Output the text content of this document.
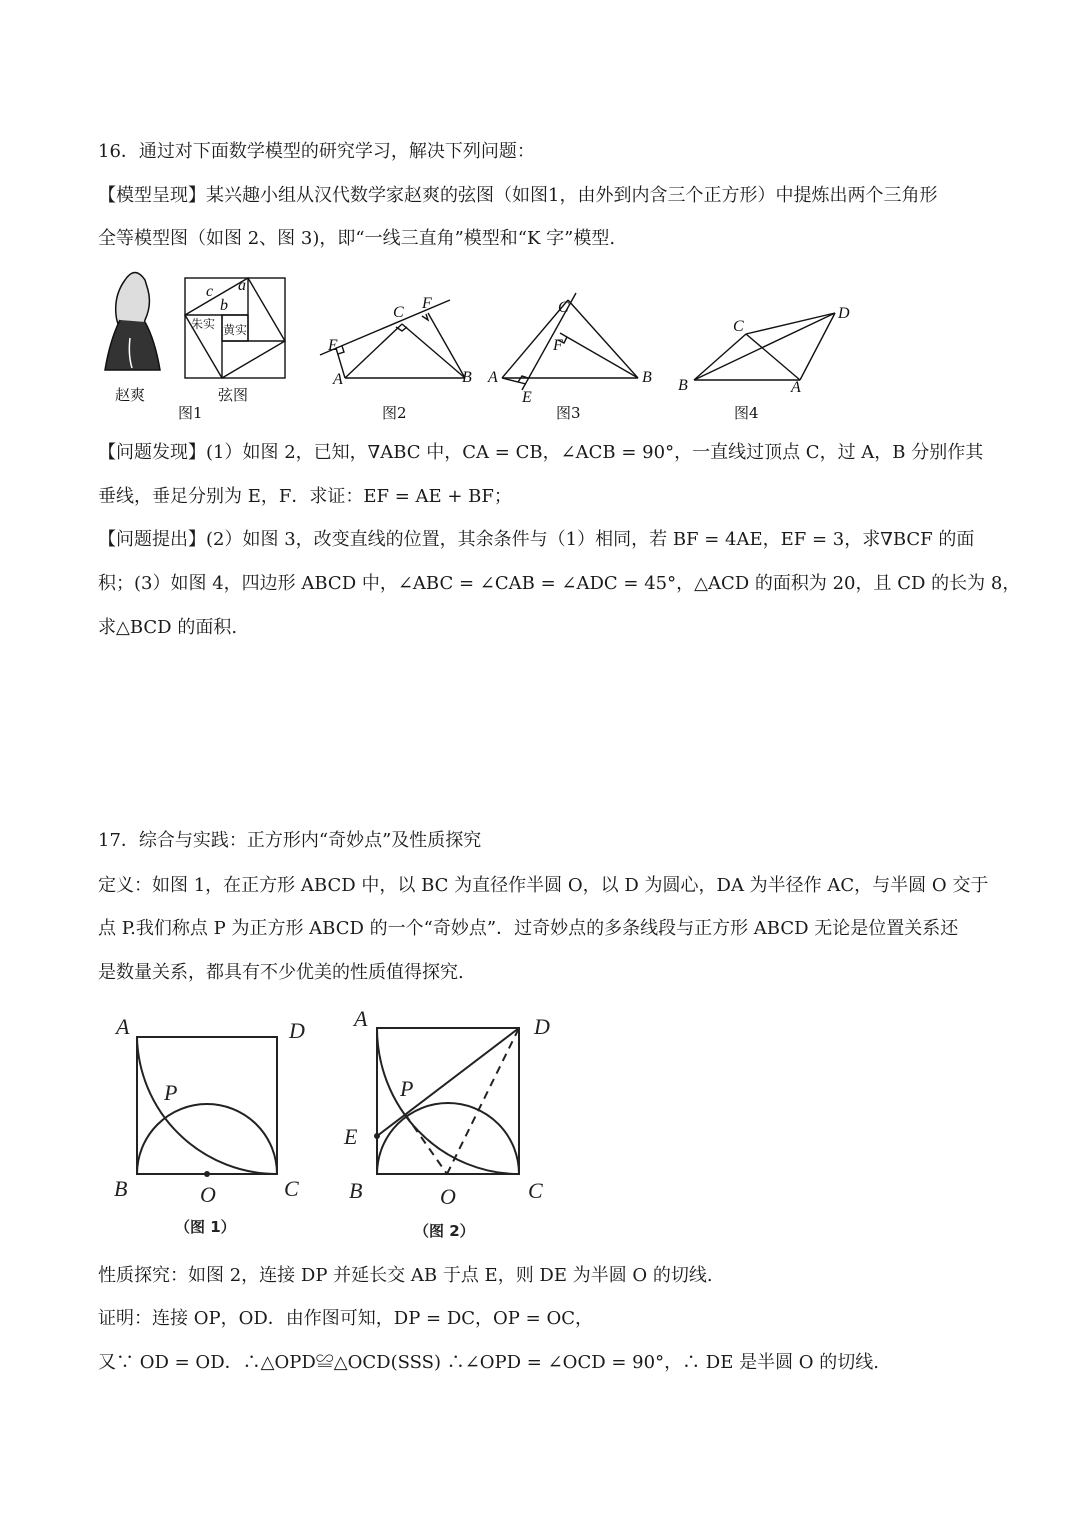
16．通过对下面数学模型的研究学习，解决下列问题：
【模型呈现】某兴趣小组从汉代数学家赵爽的弦图（如图1，由外到内含三个正方形）中提炼出两个三角形
全等模型图（如图 2、图 3)，即“一线三直角”模型和“K 字”模型.
赵爽
c
b
a
朱实 黄实
弦图
图1
E
A
C
F
B
图2
A
C
F
E
B
图3
C
D
B	A
图4
【问题发现】(1）如图 2，已知，∇ABC 中，CA = CB，∠ACB = 90°，一直线过顶点 C，过 A，B 分别作其
垂线，垂足分别为 E，F．求证：EF = AE + BF；
【问题提出】(2）如图 3，改变直线的位置，其余条件与（1）相同，若 BF = 4AE，EF = 3，求∇BCF 的面
积；(3）如图 4，四边形 ABCD 中，∠ABC = ∠CAB = ∠ADC = 45°，△ACD 的面积为 20，且 CD 的长为 8，
求△BCD 的面积.
17．综合与实践：正方形内“奇妙点”及性质探究
定义：如图 1，在正方形 ABCD 中，以 BC 为直径作半圆 O，以 D 为圆心，DA 为半径作 AC，与半圆 O 交于
点 P.我们称点 P 为正方形 ABCD 的一个“奇妙点”．过奇妙点的多条线段与正方形 ABCD 无论是位置关系还
是数量关系，都具有不少优美的性质值得探究.
A	D
P
B	O	C
（图 1）
A	D
P
E
B	O	C
（图 2）
性质探究：如图 2，连接 DP 并延长交 AB 于点 E，则 DE 为半圆 O 的切线.
证明：连接 OP，OD．由作图可知，DP = DC，OP = OC，
又∵ OD = OD．∴△OPD≌△OCD(SSS) ∴∠OPD = ∠OCD = 90°，∴ DE 是半圆 O 的切线.
